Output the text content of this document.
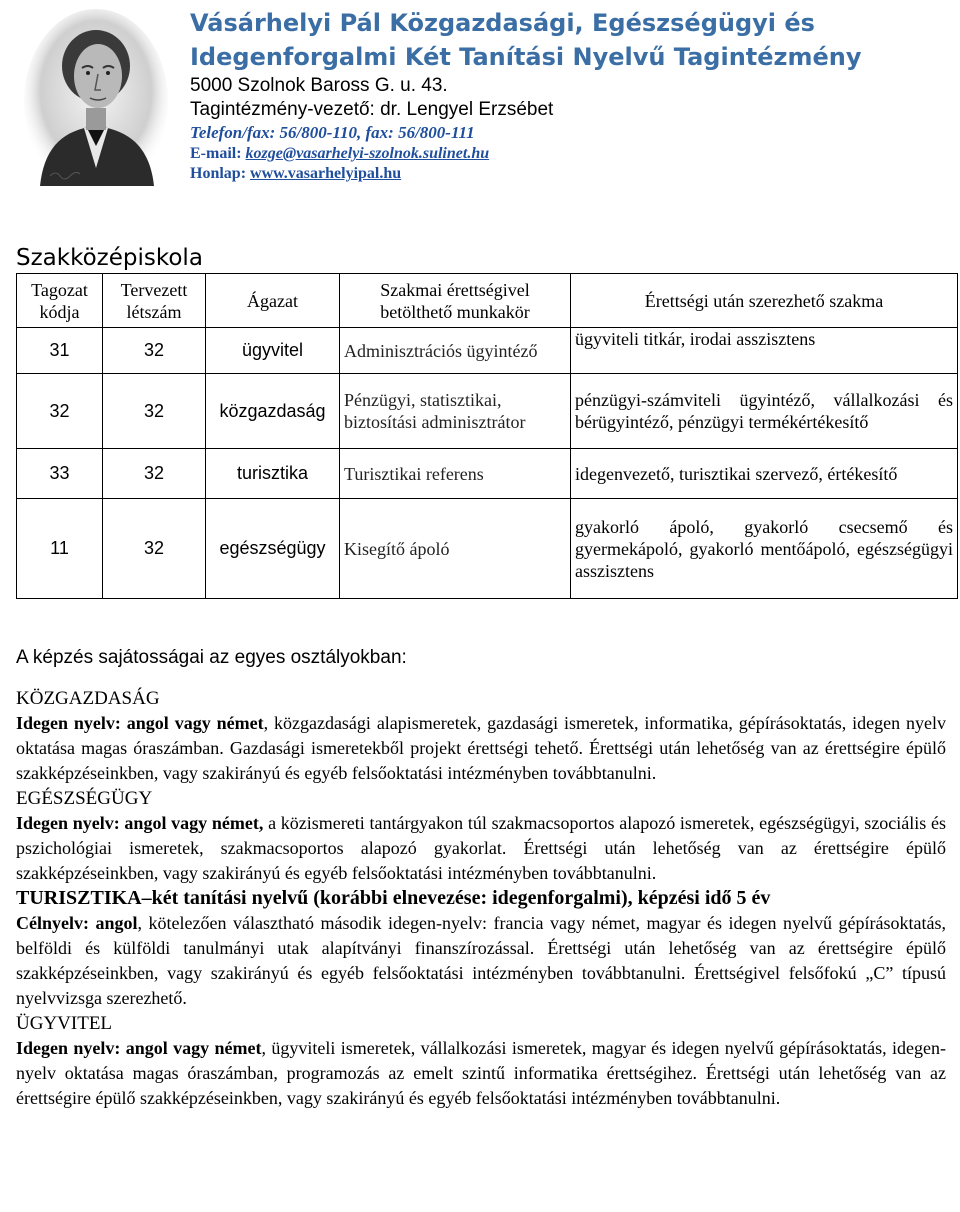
Vásárhelyi Pál Közgazdasági, Egészségügyi és
Idegenforgalmi Két Tanítási Nyelvű Tagintézmény
5000 Szolnok Baross G. u. 43.
Tagintézmény-vezető: dr. Lengyel Erzsébet
Telefon/fax: 56/800-110, fax: 56/800-111
E-mail: kozge@vasarhelyi-szolnok.sulinet.hu
Honlap: www.vasarhelyipal.hu
Szakközépiskola
Tagozat kódja	Tervezett létszám	Ágazat	Szakmai érettségivel betölthető munkakör	Érettségi után szerezhető szakma
31	32	ügyvitel	Adminisztrációs ügyintéző	ügyviteli titkár, irodai asszisztens
32	32	közgazdaság	Pénzügyi, statisztikai, biztosítási adminisztrátor	pénzügyi-számviteli ügyintéző, vállalkozási és bérügyintéző, pénzügyi termékértékesítő
33	32	turisztika	Turisztikai referens	idegenvezető, turisztikai szervező, értékesítő
11	32	egészségügy	Kisegítő ápoló	gyakorló ápoló, gyakorló csecsemő és gyermekápoló, gyakorló mentőápoló, egészségügyi asszisztens

A képzés sajátosságai az egyes osztályokban:

KÖZGAZDASÁG

Idegen nyelv: angol vagy német, közgazdasági alapismeretek, gazdasági ismeretek, informatika, gépírásoktatás, idegen nyelv oktatása magas óraszámban. Gazdasági ismeretekből projekt érettségi tehető. Érettségi után lehetőség van az érettségire épülő szakképzéseinkben, vagy szakirányú és egyéb felsőoktatási intézményben továbbtanulni.

EGÉSZSÉGÜGY

Idegen nyelv: angol vagy német, a közismereti tantárgyakon túl szakmacsoportos alapozó ismeretek, egészségügyi, szociális és pszichológiai ismeretek, szakmacsoportos alapozó gyakorlat. Érettségi után lehetőség van az érettségire épülő szakképzéseinkben, vagy szakirányú és egyéb felsőoktatási intézményben továbbtanulni.

TURISZTIKA–két tanítási nyelvű (korábbi elnevezése: idegenforgalmi), képzési idő 5 év

Célnyelv: angol, kötelezően választható második idegen-nyelv: francia vagy német, magyar és idegen nyelvű gépírásoktatás, belföldi és külföldi tanulmányi utak alapítványi finanszírozással. Érettségi után lehetőség van az érettségire épülő szakképzéseinkben, vagy szakirányú és egyéb felsőoktatási intézményben továbbtanulni. Érettségivel felsőfokú „C” típusú nyelvvizsga szerezhető.

ÜGYVITEL

Idegen nyelv: angol vagy német, ügyviteli ismeretek, vállalkozási ismeretek, magyar és idegen nyelvű gépírásoktatás, idegen-nyelv oktatása magas óraszámban, programozás az emelt szintű informatika érettségihez. Érettségi után lehetőség van az érettségire épülő szakképzéseinkben, vagy szakirányú és egyéb felsőoktatási intézményben továbbtanulni.
